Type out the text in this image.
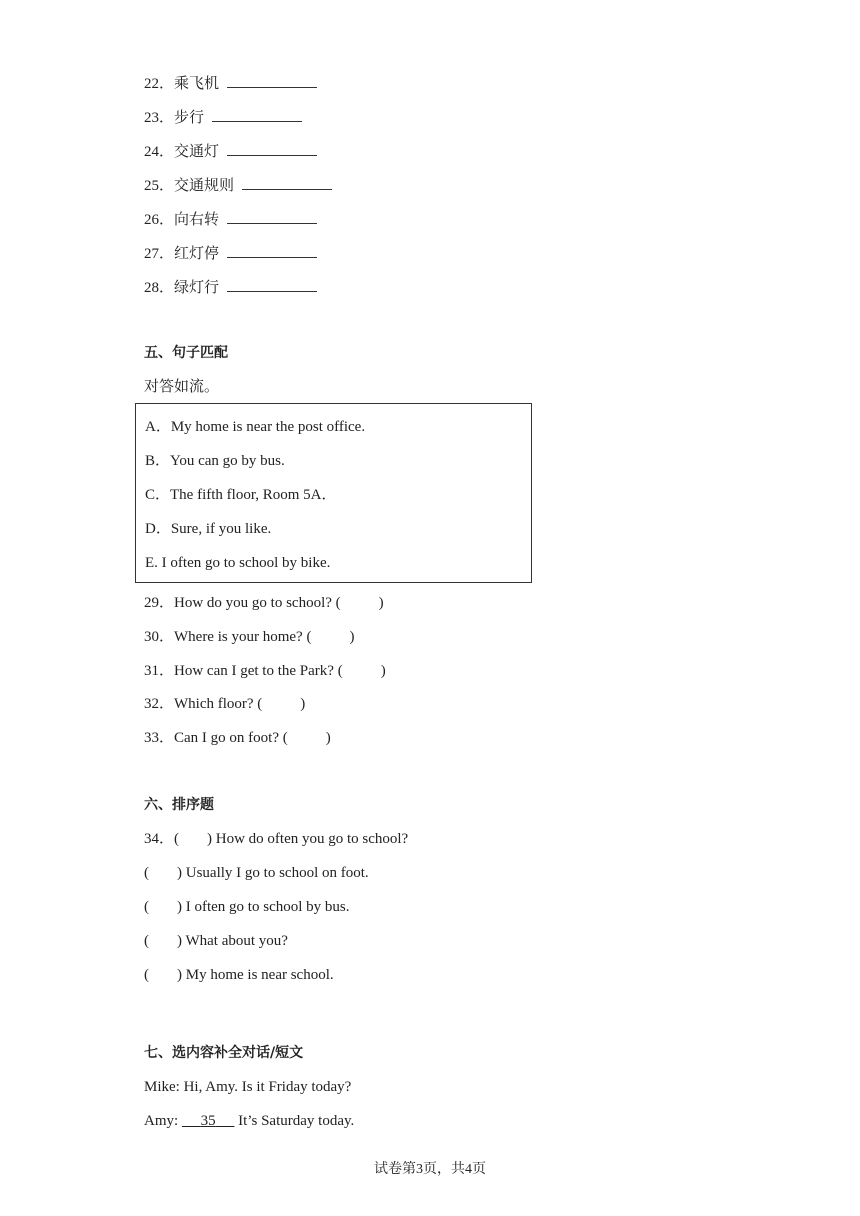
22．乘飞机
23．步行
24．交通灯
25．交通规则
26．向右转
27．红灯停
28．绿灯行
五、句子匹配
对答如流。
A．My home is near the post office.
B．You can go by bus.
C．The fifth floor, Room 5A．
D．Sure, if you like.
E. I often go to school by bike.
29．How do you go to school? (	)
30．Where is your home? (	)
31．How can I get to the Park? (	)
32．Which floor? (	)
33．Can I go on foot? (	)
六、排序题
34．( ) How do often you go to school?
( ) Usually I go to school on foot.
( ) I often go to school by bus.
( ) What about you?
( ) My home is near school.
七、选内容补全对话/短文
Mike: Hi, Amy. Is it Friday today?
Amy:      35      It’s Saturday today.
试卷第3页，共4页
